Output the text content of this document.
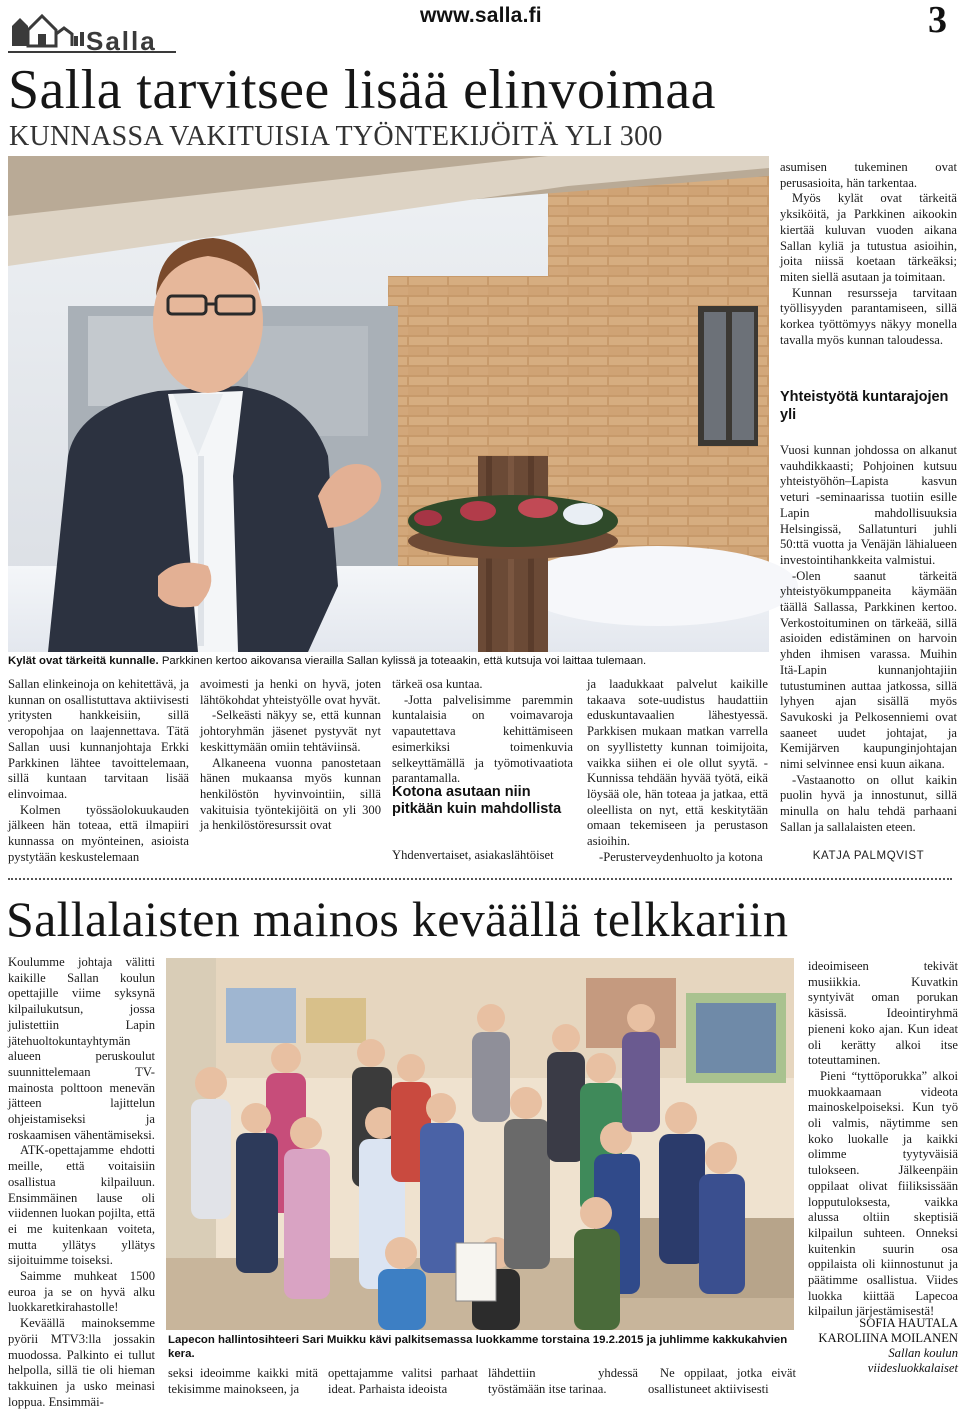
Salla
www.salla.fi	3
Salla tarvitsee lisää elinvoimaa
KUNNASSA VAKITUISIA TYÖNTEKIJÖITÄ YLI 300
Kylät ovat tärkeitä kunnalle. Parkkinen kertoo aikovansa vierailla Sallan kylissä ja toteaakin, että kutsuja voi laittaa tulemaan.

asumisen tukeminen ovat perusasioita, hän tarkentaa.

Myös kylät ovat tärkeitä yksiköitä, ja Parkkinen aikookin kiertää kuluvan vuoden aikana Sallan kyliä ja tutustua asioihin, joita niissä koetaan tärkeäksi; miten siellä asutaan ja toimitaan.

Kunnan resursseja tarvitaan työllisyyden parantamiseen, sillä korkea työttömyys näkyy monella tavalla myös kunnan taloudessa.

Yhteistyötä kuntarajojen yli

Vuosi kunnan johdossa on alkanut vauhdikkaasti; Pohjoinen kutsuu yhteistyöhön–Lapista kasvun veturi -seminaarissa tuotiin esille Lapin mahdollisuuksia Helsingissä, Sallatunturi juhli 50:ttä vuotta ja Venäjän lähialueen investointihankkeita valmistui.

-Olen saanut tärkeitä yhteistyökumppaneita käymään täällä Sallassa, Parkkinen kertoo. Verkostoituminen on tärkeää, sillä asioiden edistäminen on harvoin yhden ihmisen varassa. Muihin Itä-Lapin kunnanjohtajiin tutustuminen auttaa jatkossa, sillä lyhyen ajan sisällä myös Savukoski ja Pelkosenniemi ovat saaneet uudet johtajat, ja Kemijärven kaupunginjohtajan nimi selvinnee ensi kuun aikana.

-Vastaanotto on ollut kaikin puolin hyvä ja innostunut, sillä minulla on halu tehdä parhaani Sallan ja sallalaisten eteen.

KATJA PALMQVIST

Sallan elinkeinoja on kehitettävä, ja kunnan on osallistuttava aktiivisesti yritysten hankkeisiin, sillä veropohjaa on laajennettava. Tätä Sallan uusi kunnanjohtaja Erkki Parkkinen lähtee tavoittelemaan, sillä kuntaan tarvitaan lisää elinvoimaa.

Kolmen työssäolokuukauden jälkeen hän toteaa, että ilmapiiri kunnassa on myönteinen, asioista pystytään keskustelemaan

avoimesti ja henki on hyvä, joten lähtökohdat yhteistyölle ovat hyvät.

-Selkeästi näkyy se, että kunnan johtoryhmän jäsenet pystyvät nyt keskittymään omiin tehtäviinsä.

Alkaneena vuonna panostetaan hänen mukaansa myös kunnan henkilöstön hyvinvointiin, sillä vakituisia työntekijöitä on yli 300 ja henkilöstöresurssit ovat

tärkeä osa kuntaa.

-Jotta palvelisimme paremmin kuntalaisia on voimavaroja vapautettava kehittämiseen esimerkiksi toimenkuvia selkeyttämällä ja työmotivaatiota parantamalla.

Kotona asutaan niin pitkään kuin mahdollista

Yhdenvertaiset, asiakaslähtöiset

ja laadukkaat palvelut kaikille takaava sote-uudistus haudattiin eduskuntavaalien lähestyessä. Parkkisen mukaan matkan varrella on syyllistetty kunnan toimijoita, vaikka siihen ei ole ollut syytä. -Kunnissa tehdään hyvää työtä, eikä löysää ole, hän toteaa ja jatkaa, että oleellista on nyt, että keskitytään omaan tekemiseen ja perustason asioihin.

-Perusterveydenhuolto ja kotona

Sallalaisten mainos keväällä telkkariin

Koulumme johtaja välitti kaikille Sallan koulun opettajille viime syksynä kilpailukutsun, jossa julistettiin Lapin jätehuoltokuntayhtymän alueen peruskoulut suunnittelemaan TV-mainosta polttoon menevän jätteen lajittelun ohjeistamiseksi ja roskaamisen vähentämiseksi.

ATK-opettajamme ehdotti meille, että voitaisiin osallistua kilpailuun. Ensimmäinen lause oli viidennen luokan pojilta, että ei me kuitenkaan voiteta, mutta yllätys yllätys sijoituimme toiseksi.

Saimme muhkeat 1500 euroa ja se on hyvä alku luokkaretkirahastolle!

Keväällä mainoksemme pyörii MTV3:lla jossakin muodossa. Palkinto ei tullut helpolla, sillä tie oli hieman takkuinen ja usko meinasi loppua. Ensimmäi-

Lapecon hallintosihteeri Sari Muikku kävi palkitsemassa luokkamme torstaina 19.2.2015 ja juhlimme kakkukahvien kera.

seksi ideoimme kaikki mitä tekisimme mainokseen, ja

opettajamme valitsi parhaat ideat. Parhaista ideoista

lähdettiin yhdessä työstämään itse tarinaa.

Ne oppilaat, jotka eivät osallistuneet aktiivisesti

ideoimiseen tekivät musiikkia. Kuvatkin syntyivät oman porukan käsissä. Ideointiryhmä pieneni koko ajan. Kun ideat oli kerätty alkoi itse toteuttaminen.

Pieni “tyttöporukka” alkoi muokkaamaan videota mainoskelpoiseksi. Kun työ oli valmis, näytimme sen koko luokalle ja kaikki olimme tyytyväisiä tulokseen. Jälkeenpäin oppilaat olivat fiiliksissään lopputuloksesta, vaikka alussa oltiin skeptisiä kilpailun suhteen. Onneksi kuitenkin suurin osa oppilaista oli kiinnostunut ja päätimme osallistua. Viides luokka kiittää Lapecoa kilpailun järjestämisestä!

SOFIA HAUTALA
KAROLIINA MOILANEN
Sallan koulun
viidesluokkalaiset
